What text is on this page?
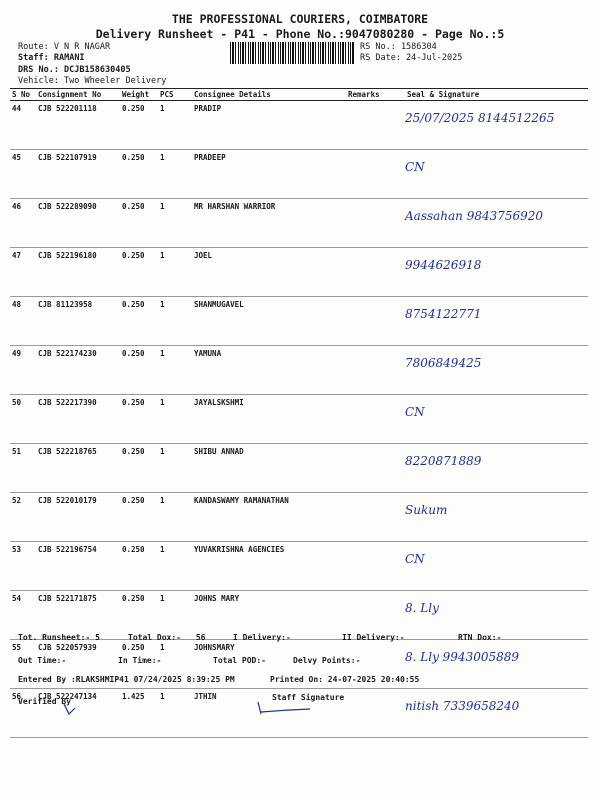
THE PROFESSIONAL COURIERS, COIMBATORE
Delivery Runsheet - P41 - Phone No.:9047080280 - Page No.:5
Route: V N R NAGAR
Staff: RAMANI
DRS No.: DCJB158630405
Vehicle: Two Wheeler Delivery
RS No.: 1586304
RS Date: 24-Jul-2025
S No	Consignment No	Weight	PCS	Consignee Details	Remarks	Seal & Signature
44	CJB 522201118	0.250	1	PRADIP		25/07/2025 8144512265
45	CJB 522107919	0.250	1	PRADEEP		CN
46	CJB 522289090	0.250	1	MR HARSHAN WARRIOR		Aassahan 9843756920
47	CJB 522196180	0.250	1	JOEL		9944626918
48	CJB 81123958	0.250	1	SHANMUGAVEL		8754122771
49	CJB 522174230	0.250	1	YAMUNA		7806849425
50	CJB 522217390	0.250	1	JAYALSKSHMI		CN
51	CJB 522218765	0.250	1	SHIBU ANNAD		8220871889
52	CJB 522010179	0.250	1	KANDASWAMY RAMANATHAN		Sukum
53	CJB 522196754	0.250	1	YUVAKRISHNA AGENCIES		CN
54	CJB 522171875	0.250	1	JOHNS MARY		8. Lly
55	CJB 522057939	0.250	1	JOHNSMARY		8. Lly 9943005889
56	CJB 522247134	1.425	1	JTHIN		nitish 7339658240
Tot. Runsheet:- 5	Total Dox:- 56	I Delivery:-	II Delivery:-	RTN Dox:-
Out Time:-	In Time:-	Total POD:-	Delvy Points:-
Entered By :RLAKSHMIP41 07/24/2025 8:39:25 PM	Printed On: 24-07-2025 20:40:55
Verified By	Staff Signature
